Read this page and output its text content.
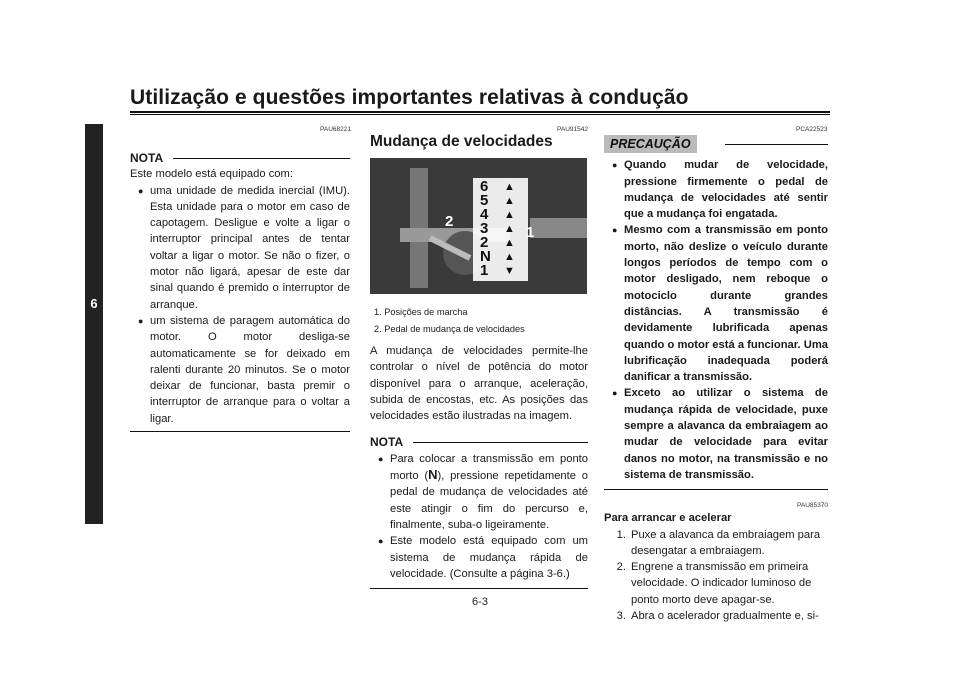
Utilização e questões importantes relativas à condução
6
PAU68221
NOTA
Este modelo está equipado com:
● uma unidade de medida inercial (IMU). Esta unidade para o motor em caso de capotagem. Desligue e volte a ligar o interruptor principal antes de tentar voltar a ligar o motor. Se não o fizer, o motor não ligará, apesar de este dar sinal quando é premido o interruptor de arranque.
● um sistema de paragem automática do motor. O motor desliga-se automaticamente se for deixado em ralenti durante 20 minutos. Se o motor deixar de funcionar, basta premir o interruptor de arranque para o voltar a ligar.
PAU91542
Mudança de velocidades
6
5
4
3
2
N
1
▲
▲
▲
▲
▲
▲
▼
2
1
1. Posições de marcha
2. Pedal de mudança de velocidades
A mudança de velocidades permite-lhe controlar o nível de potência do motor disponível para o arranque, aceleração, subida de encostas, etc. As posições das velocidades estão ilustradas na imagem.
NOTA
● Para colocar a transmissão em ponto morto (N), pressione repetidamente o pedal de mudança de velocidades até este atingir o fim do percurso e, finalmente, suba-o ligeiramente.
● Este modelo está equipado com um sistema de mudança rápida de velocidade. (Consulte a página 3-6.)
PCA22523
PRECAUÇÃO
● Quando mudar de velocidade, pressione firmemente o pedal de mudança de velocidades até sentir que a mudança foi engatada.
● Mesmo com a transmissão em ponto morto, não deslize o veículo durante longos períodos de tempo com o motor desligado, nem reboque o motociclo durante grandes distâncias. A transmissão é devidamente lubrificada apenas quando o motor está a funcionar. Uma lubrificação inadequada poderá danificar a transmissão.
● Exceto ao utilizar o sistema de mudança rápida de velocidade, puxe sempre a alavanca da embraiagem ao mudar de velocidade para evitar danos no motor, na transmissão e no sistema de transmissão.
PAU85370
Para arrancar e acelerar
1. Puxe a alavanca da embraiagem para desengatar a embraiagem.
2. Engrene a transmissão em primeira velocidade. O indicador luminoso de ponto morto deve apagar-se.
3. Abra o acelerador gradualmente e, si-
6-3
